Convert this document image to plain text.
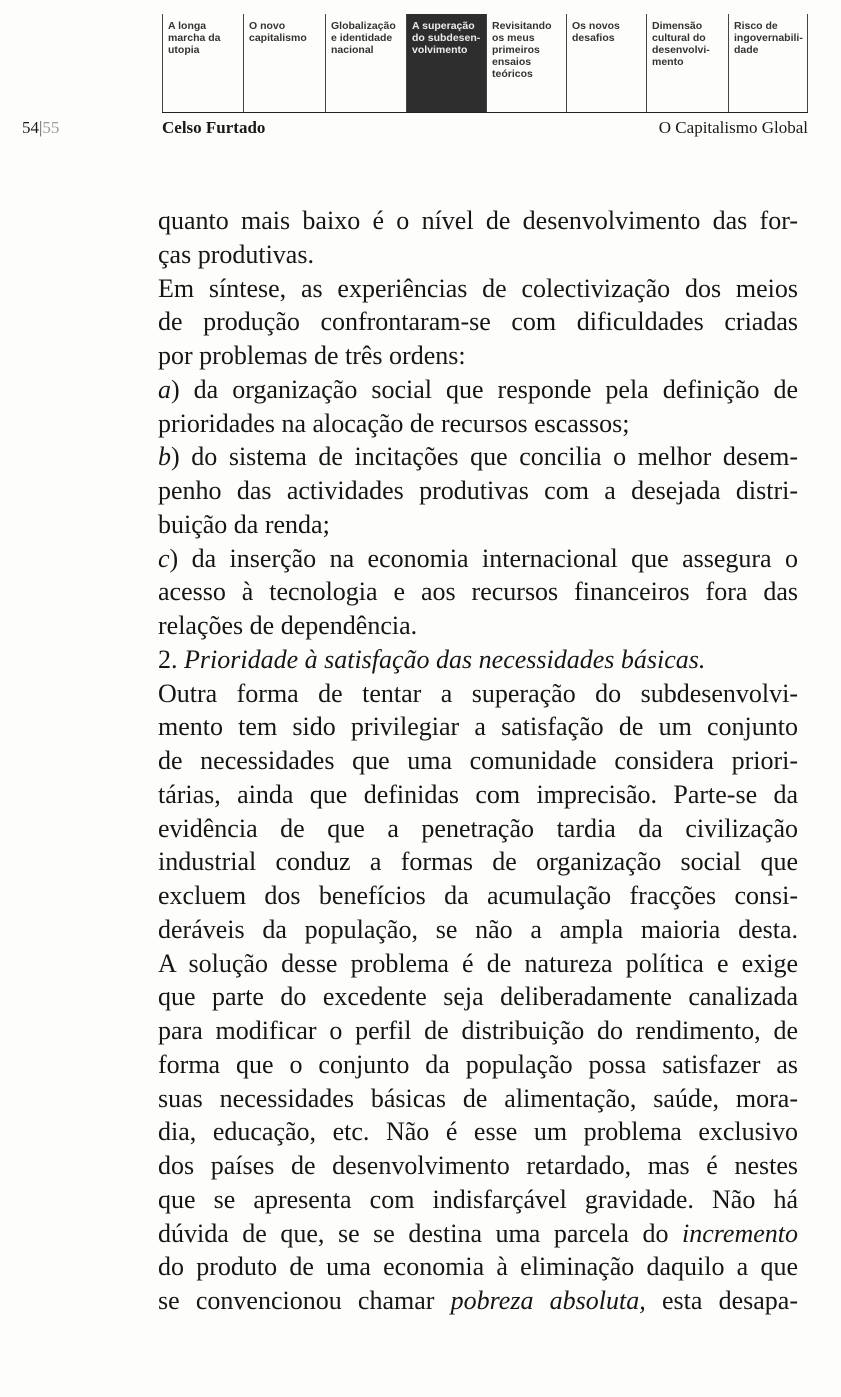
A longa
marcha da
utopia
O novo
capitalismo
Globalização
e identidade
nacional
A superação
do subdesen-
volvimento
Revisitando
os meus
primeiros
ensaios
teóricos
Os novos
desafios
Dimensão
cultural do
desenvolvi-
mento
Risco de
ingovernabili-
dade
54|55	Celso Furtado	O Capitalismo Global
quanto mais baixo é o nível de desenvolvimento das for-
ças produtivas.
Em síntese, as experiências de colectivização dos meios
de produção confrontaram-se com dificuldades criadas
por problemas de três ordens:
a) da organização social que responde pela definição de
prioridades na alocação de recursos escassos;
b) do sistema de incitações que concilia o melhor desem-
penho das actividades produtivas com a desejada distri-
buição da renda;
c) da inserção na economia internacional que assegura o
acesso à tecnologia e aos recursos financeiros fora das
relações de dependência.
2. Prioridade à satisfação das necessidades básicas.
Outra forma de tentar a superação do subdesenvolvi-
mento tem sido privilegiar a satisfação de um conjunto
de necessidades que uma comunidade considera priori-
tárias, ainda que definidas com imprecisão. Parte-se da
evidência de que a penetração tardia da civilização
industrial conduz a formas de organização social que
excluem dos benefícios da acumulação fracções consi-
deráveis da população, se não a ampla maioria desta.
A solução desse problema é de natureza política e exige
que parte do excedente seja deliberadamente canalizada
para modificar o perfil de distribuição do rendimento, de
forma que o conjunto da população possa satisfazer as
suas necessidades básicas de alimentação, saúde, mora-
dia, educação, etc. Não é esse um problema exclusivo
dos países de desenvolvimento retardado, mas é nestes
que se apresenta com indisfarçável gravidade. Não há
dúvida de que, se se destina uma parcela do incremento
do produto de uma economia à eliminação daquilo a que
se convencionou chamar pobreza absoluta, esta desapa-
